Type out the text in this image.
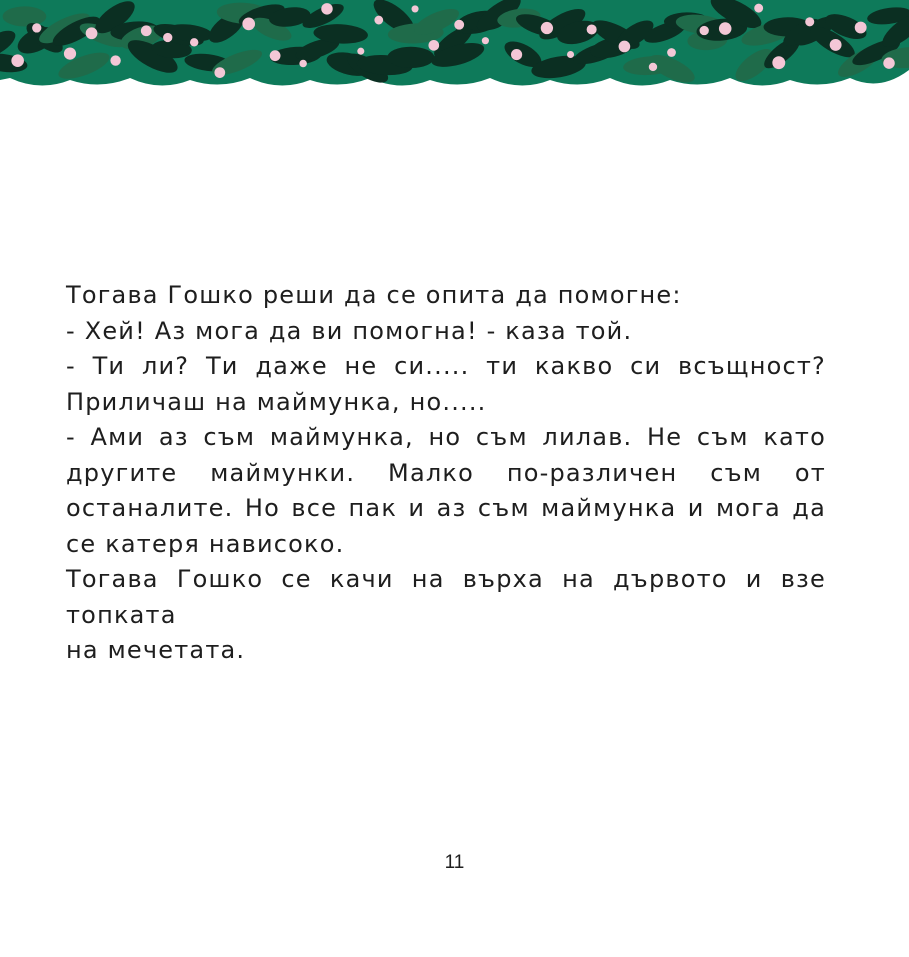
Тогава Гошко реши да се опита да помогне:
- Хей! Аз мога да ви помогна! - каза той.
- Ти ли? Ти даже не си..... ти какво си всъщност?
Приличаш на маймунка, но.....
- Ами аз съм маймунка, но съм лилав. Не съм като
другите маймунки. Малко по-различен съм от
останалите. Но все пак и аз съм маймунка и мога да
се катеря нависоко.
Тогава Гошко се качи на върха на дървото и взе топката
на мечетата.
11
